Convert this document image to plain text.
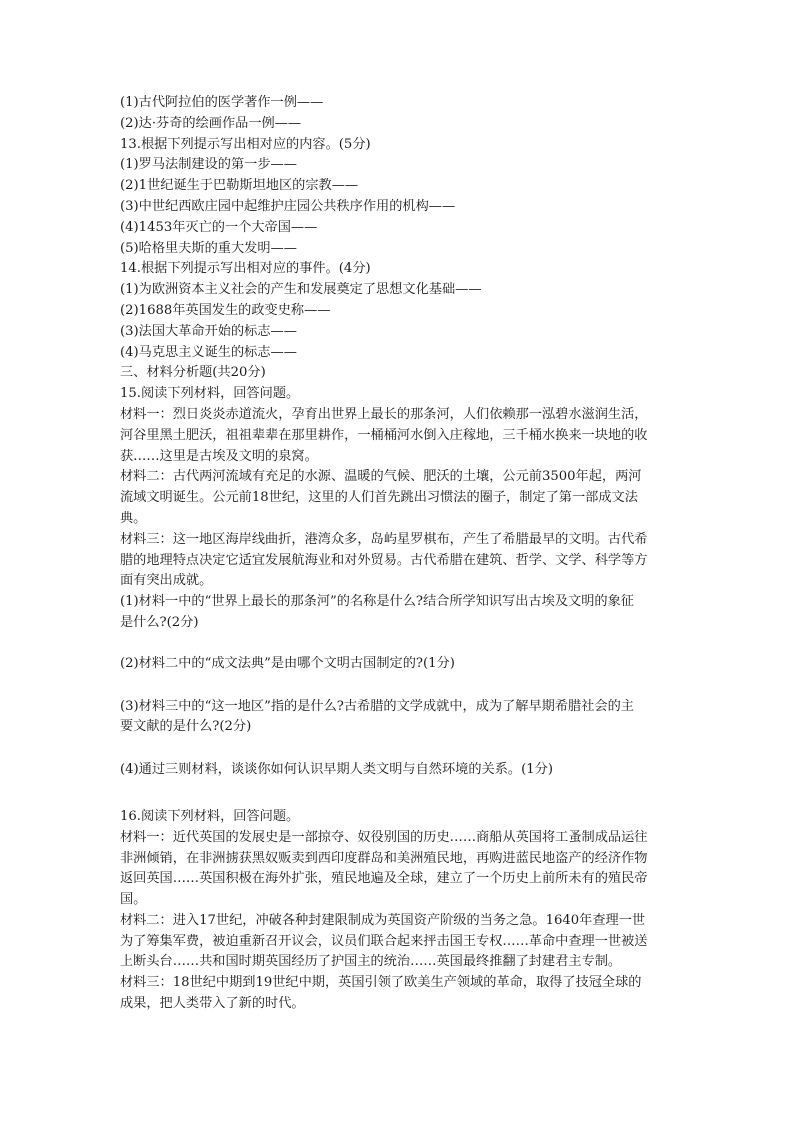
(1)古代阿拉伯的医学著作一例——
(2)达·芬奇的绘画作品一例——
13.根据下列提示写出相对应的内容。(5分)
(1)罗马法制建设的第一步——
(2)1世纪诞生于巴勒斯坦地区的宗教——
(3)中世纪西欧庄园中起维护庄园公共秩序作用的机构——
(4)1453年灭亡的一个大帝国——
(5)哈格里夫斯的重大发明——
14.根据下列提示写出相对应的事件。(4分)
(1)为欧洲资本主义社会的产生和发展奠定了思想文化基础——
(2)1688年英国发生的政变史称——
(3)法国大革命开始的标志——
(4)马克思主义诞生的标志——
三、材料分析题(共20分)
15.阅读下列材料，回答问题。
材料一：烈日炎炎赤道流火，孕育出世界上最长的那条河，人们依赖那一泓碧水滋润生活，
河谷里黑土肥沃，祖祖辈辈在那里耕作，一桶桶河水倒入庄稼地，三千桶水换来一块地的收
获……这里是古埃及文明的泉窝。
材料二：古代两河流域有充足的水源、温暖的气候、肥沃的土壤，公元前3500年起，两河
流域文明诞生。公元前18世纪，这里的人们首先跳出习惯法的圈子，制定了第一部成文法
典。
材料三：这一地区海岸线曲折，港湾众多，岛屿星罗棋布，产生了希腊最早的文明。古代希
腊的地理特点决定它适宜发展航海业和对外贸易。古代希腊在建筑、哲学、文学、科学等方
面有突出成就。
(1)材料一中的“世界上最长的那条河”的名称是什么?结合所学知识写出古埃及文明的象征
是什么?(2分)
(2)材料二中的“成文法典”是由哪个文明古国制定的?(1分)
(3)材料三中的“这一地区”指的是什么?古希腊的文学成就中，成为了解早期希腊社会的主
要文献的是什么?(2分)
(4)通过三则材料，谈谈你如何认识早期人类文明与自然环境的关系。(1分)
16.阅读下列材料，回答问题。
材料一：近代英国的发展史是一部掠夺、奴役别国的历史……商船从英国将工蚤制成品运往
非洲倾销，在非洲掳获黑奴贩卖到西印度群岛和美洲殖民地，再购进蓝民地盗产的经济作物
返回英国……英国积极在海外扩张，殖民地遍及全球，建立了一个历史上前所未有的殖民帝
国。
材料二：进入17世纪，冲破各种封建限制成为英国资产阶级的当务之急。1640年查理一世
为了筹集军费，被迫重新召开议会，议员们联合起来抨击国王专权……革命中查理一世被送
上断头台……共和国时期英国经历了护国主的统治……英国最终推翻了封建君主专制。
材料三：18世纪中期到19世纪中期，英国引领了欧美生产领域的革命，取得了技冠全球的
成果，把人类带入了新的时代。
